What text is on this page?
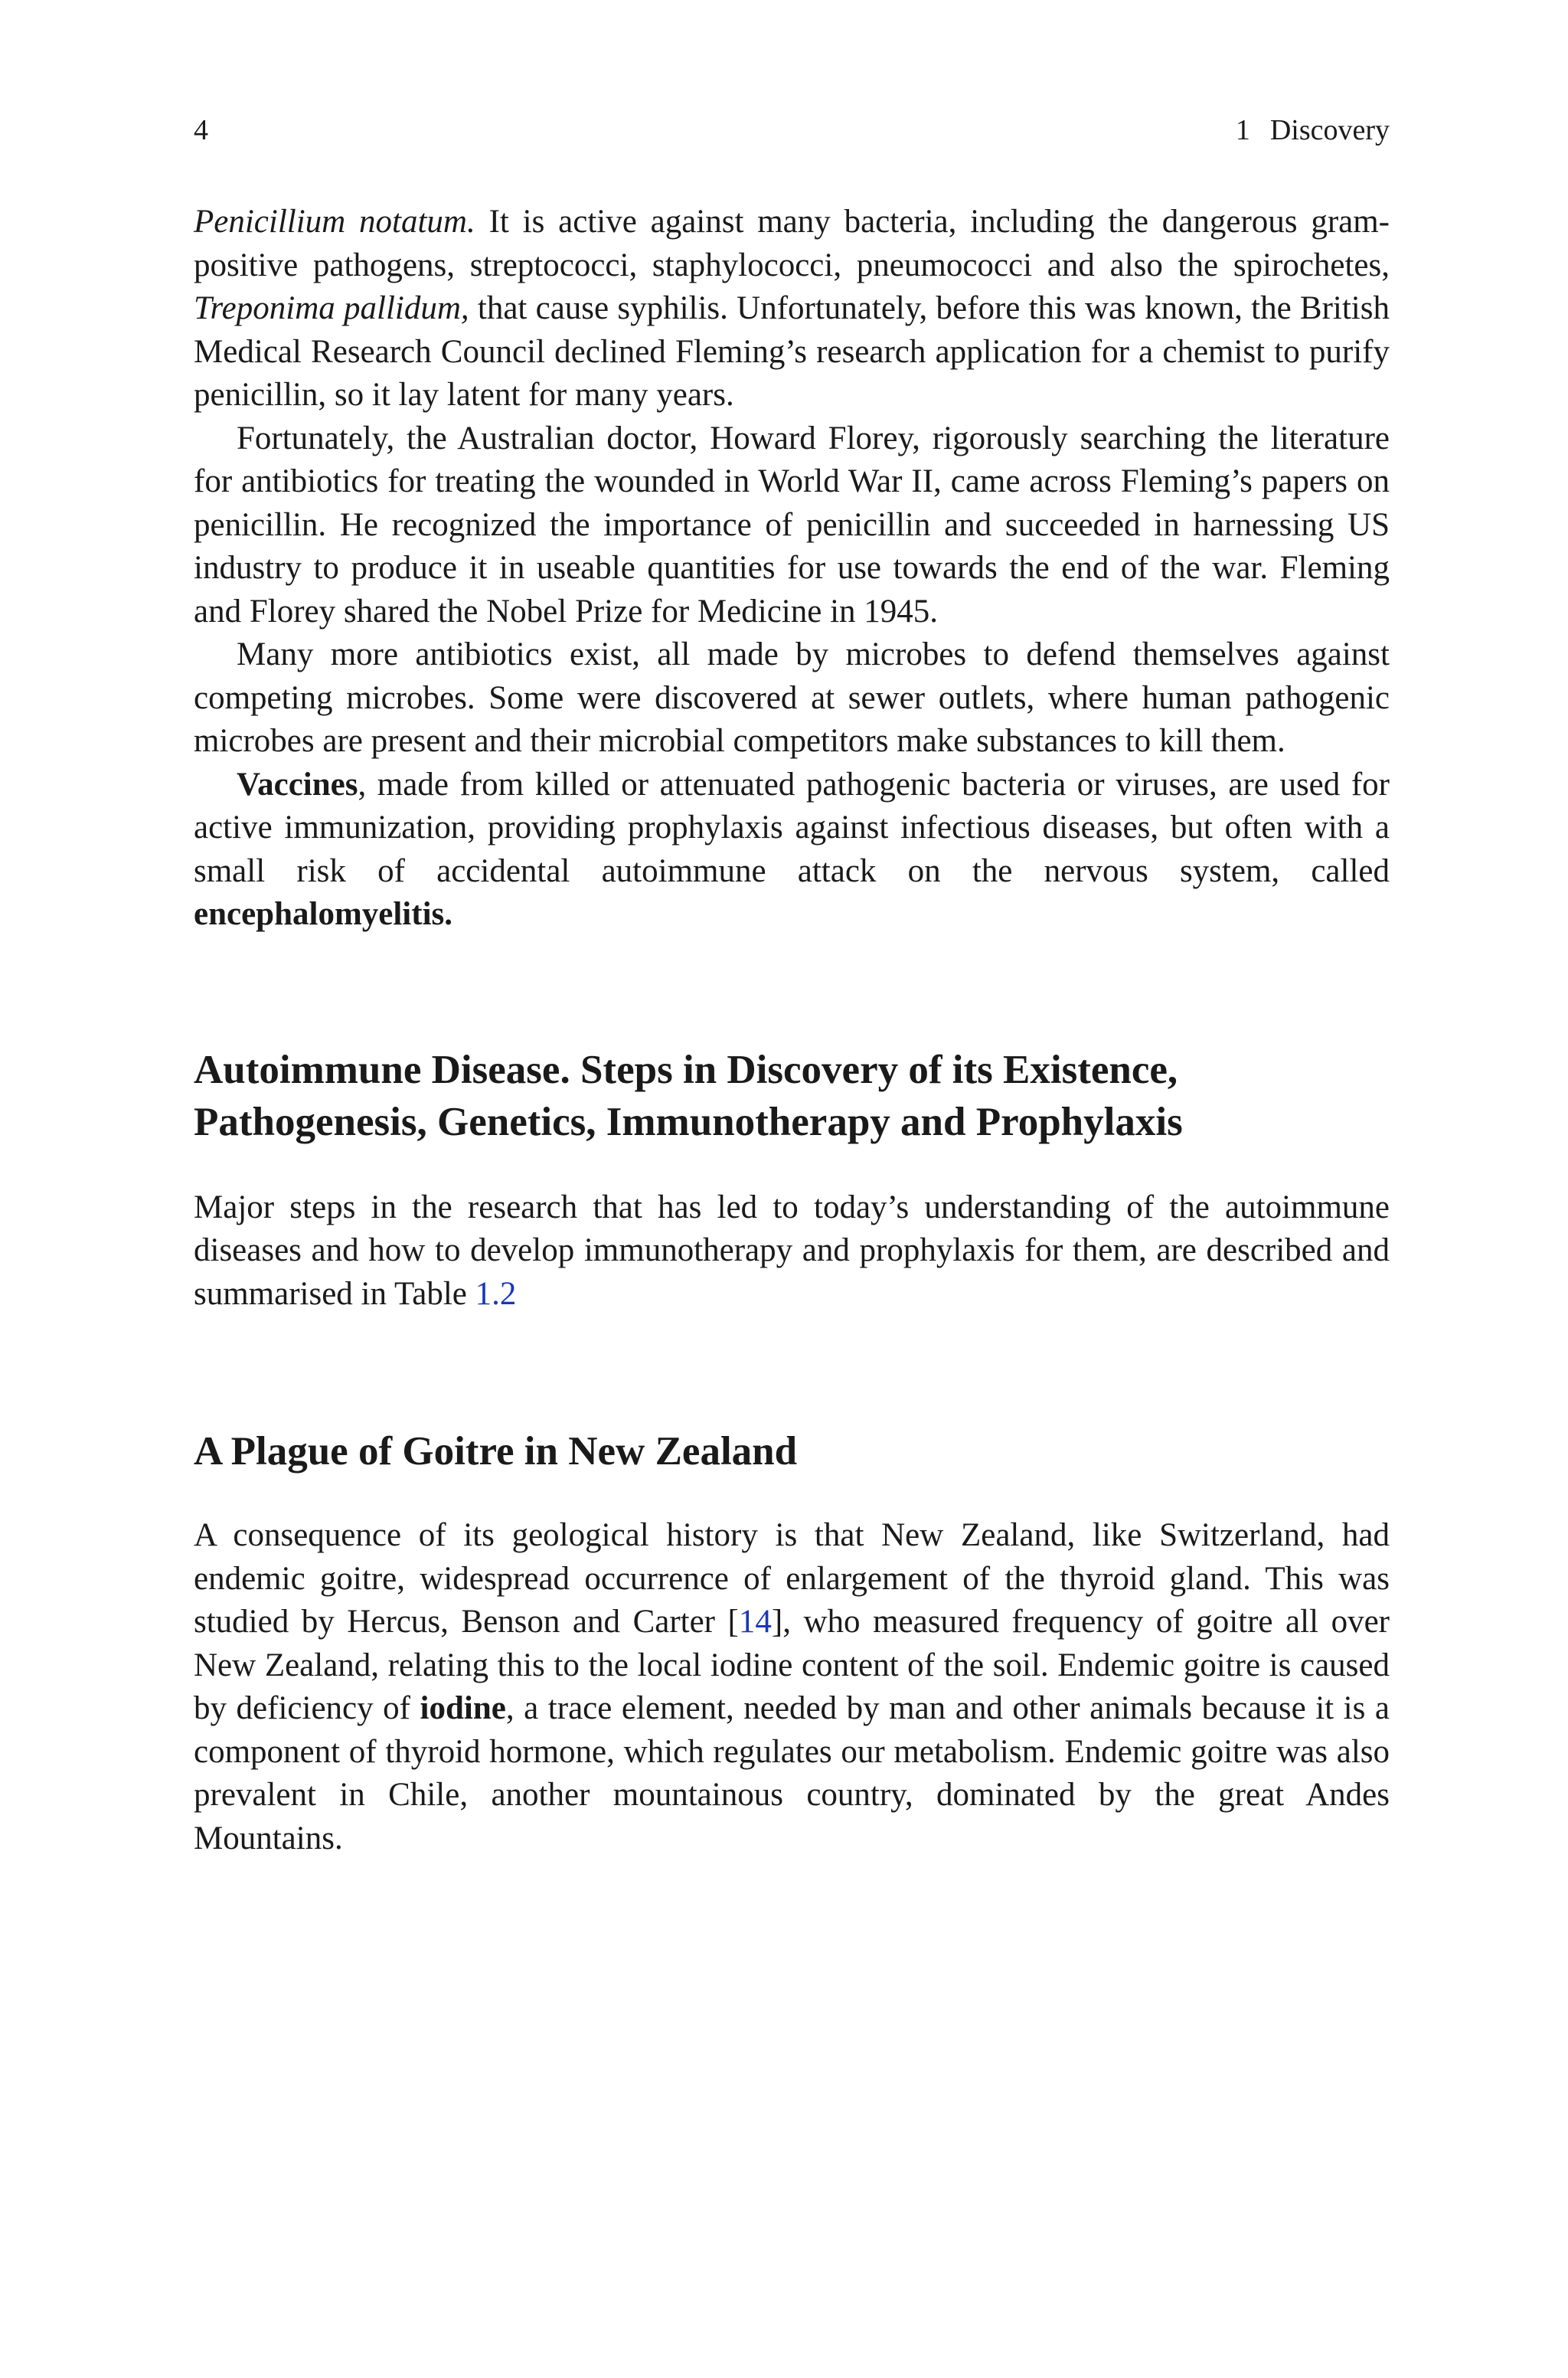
4	1 Discovery

Penicillium notatum. It is active against many bacteria, including the dangerous gram-positive pathogens, streptococci, staphylococci, pneumococci and also the spirochetes, Treponima pallidum, that cause syphilis. Unfortunately, before this was known, the British Medical Research Council declined Fleming’s research application for a chemist to purify penicillin, so it lay latent for many years.

Fortunately, the Australian doctor, Howard Florey, rigorously searching the literature for antibiotics for treating the wounded in World War II, came across Fleming’s papers on penicillin. He recognized the importance of penicillin and succeeded in harnessing US industry to produce it in useable quantities for use towards the end of the war. Fleming and Florey shared the Nobel Prize for Medicine in 1945.

Many more antibiotics exist, all made by microbes to defend themselves against competing microbes. Some were discovered at sewer outlets, where human pathogenic microbes are present and their microbial competitors make substances to kill them.

Vaccines, made from killed or attenuated pathogenic bacteria or viruses, are used for active immunization, providing prophylaxis against infectious diseases, but often with a small risk of accidental autoimmune attack on the nervous system, called encephalomyelitis.

Autoimmune Disease. Steps in Discovery of its Existence,
Pathogenesis, Genetics, Immunotherapy and Prophylaxis

Major steps in the research that has led to today’s understanding of the autoimmune diseases and how to develop immunotherapy and prophylaxis for them, are described and summarised in Table 1.2

A Plague of Goitre in New Zealand

A consequence of its geological history is that New Zealand, like Switzerland, had endemic goitre, widespread occurrence of enlargement of the thyroid gland. This was studied by Hercus, Benson and Carter [14], who measured frequency of goitre all over New Zealand, relating this to the local iodine content of the soil. Endemic goitre is caused by deficiency of iodine, a trace element, needed by man and other animals because it is a component of thyroid hormone, which regulates our metabolism. Endemic goitre was also prevalent in Chile, another mountainous country, dominated by the great Andes Mountains.
